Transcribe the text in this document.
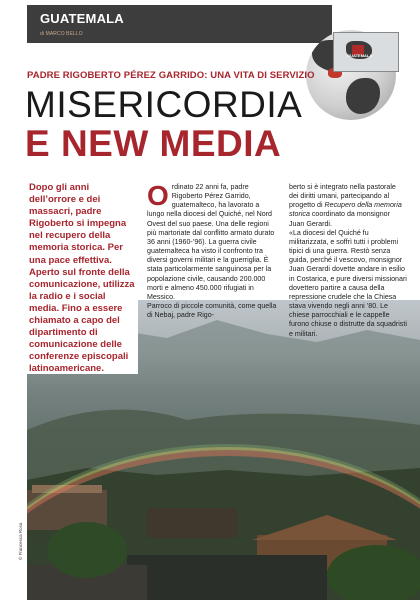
GUATEMALA
di MARCO BELLO
GUATEMALA
PADRE RIGOBERTO PÉREZ GARRIDO: UNA VITA DI SERVIZIO
MISERICORDIA
E NEW MEDIA
© Francesca Rosa

Dopo gli anni dell’orrore e dei massacri, padre Rigoberto si impegna nel recupero della memoria storica. Per una pace effettiva. Aperto sul fronte della comunicazione, utilizza la radio e i social media. Fino a essere chiamato a capo del dipartimento di comunicazione delle conferenze episcopali latinoamericane.

O rdinato 22 anni fa, padre Rigoberto Pérez Garrido, guatemalteco, ha lavorato a lungo nella diocesi del Quiché, nel Nord Ovest del suo paese. Una delle regioni più martoriate dal conflitto armato durato 36 anni (1960-’96). La guerra civile guatemalteca ha visto il confronto tra diversi governi militari e la guerriglia. È stata particolarmente sanguinosa per la popolazione civile, causando 200.000 morti e almeno 450.000 rifugiati in Messico.
Parroco di piccole comunità, come quella di Nebaj, padre Rigo-
berto si è integrato nella pastorale dei diritti umani, partecipando al progetto di Recupero della memoria storica coordinato da monsignor Juan Gerardi.
«La diocesi del Quiché fu militarizzata, e soffrì tutti i problemi tipici di una guerra. Restò senza guida, perché il vescovo, monsignor Juan Gerardi dovette andare in esilio in Costarica, e pure diversi missionari dovettero partire a causa della repressione crudele che la Chiesa stava vivendo negli anni ’80. Le chiese parrocchiali e le cappelle furono chiuse o distrutte da squadristi e militari.
